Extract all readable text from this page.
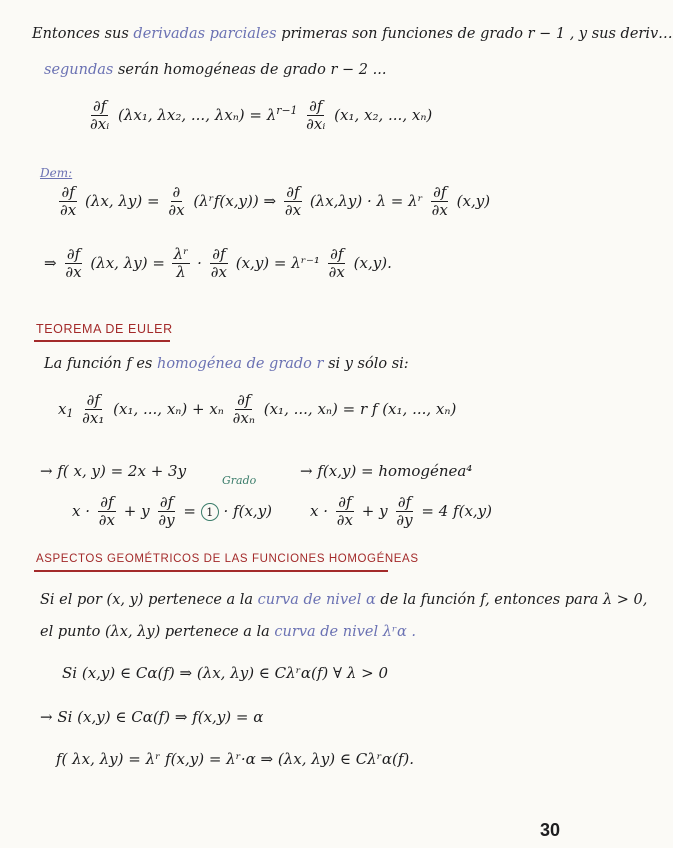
Entonces sus derivadas parciales primeras son funciones de grado r − 1 , y sus deriv…
segundas serán homogéneas de grado r − 2 ...
$\frac{\partial f}{\text{∂xᵢ}} (\lambda x_1$, λx₂, ..., $\lambda x_n) = \lambda^{r-1} \frac{\partial f}{\text{∂xᵢ}} (x_1$, x₂, ..., xₙ)
Dem:
$\frac{\partial f}{\partial x} (\lambda x$, $\lambda y) = \frac{\partial}{\partial x}$ (λʳf(x,y)) ⇒ $\frac{\partial f}{\partial x} (\lambda x,\lambda y) \cdot \lambda$ = λʳ $\frac{\partial f}{\partial x} (x,y)$
⇒ $\frac{\partial f}{\partial x} (\lambda x$, $\lambda y) = \frac{\text{λʳ}}{\lambda} \cdot \frac{\partial f}{\partial x} (x,y)$ = λʳ⁻¹ $\frac{\partial f}{\partial x} (x,y)$.
TEOREMA DE EULER
La función f es homogénea de grado r si y sólo si:
$x_1 \frac{\partial f}{\text{∂x₁}} (x_1$, ..., xₙ) + xₙ $\frac{\partial f}{\text{∂xₙ}} (x_1$, ..., xₙ) = r f (x₁, ..., xₙ)
→ f( x, y) = 2x + 3y
Grado
→ f(x,y) = homogénea⁴
$x \cdot \frac{\partial f}{\partial x} + y \frac{\partial f}{\partial y} = 1 \cdot f(x,y)$	$x \cdot \frac{\partial f}{\partial x} + y \frac{\partial f}{\partial y} = 4$ f(x,y)
ASPECTOS GEOMÉTRICOS DE LAS FUNCIONES HOMOGÉNEAS
Si el por (x, y) pertenece a la curva de nivel α de la función f, entonces para λ > 0,
el punto (λx, λy) pertenece a la curva de nivel λʳα .
Si (x,y) ∈ Cα(f) ⇒ (λx, λy) ∈ Cλʳα(f) ∀ λ > 0
→ Si (x,y) ∈ Cα(f) ⇒ f(x,y) = α
f( λx, λy) = λʳ f(x,y) = λʳ·α ⇒ (λx, λy) ∈ Cλʳα(f).
30
